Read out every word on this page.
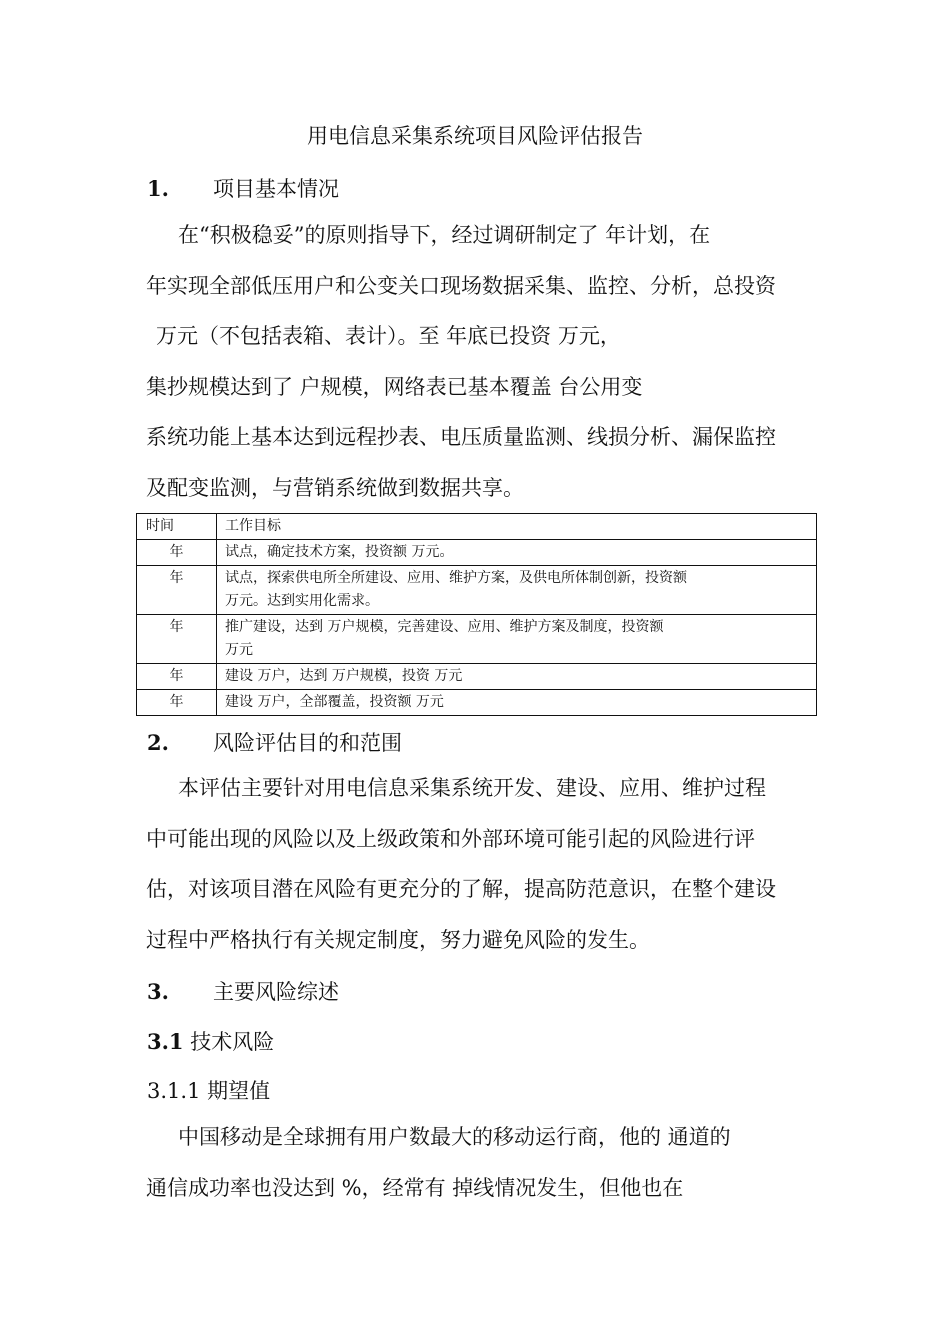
用电信息采集系统项目风险评估报告
1. 项目基本情况
在“积极稳妥”的原则指导下，经过调研制定了 年计划，在
年实现全部低压用户和公变关口现场数据采集、监控、分析，总投资
万元（不包括表箱、表计）。至 年底已投资 万元，
集抄规模达到了 户规模，网络表已基本覆盖 台公用变
系统功能上基本达到远程抄表、电压质量监测、线损分析、漏保监控
及配变监测，与营销系统做到数据共享。
时间	工作目标
年	试点，确定技术方案，投资额 万元。
年	试点，探索供电所全所建设、应用、维护方案，及供电所体制创新，投资额
万元。达到实用化需求。
年	推广建设，达到 万户规模，完善建设、应用、维护方案及制度，投资额
万元
年	建设 万户，达到 万户规模，投资 万元
年	建设 万户，全部覆盖，投资额 万元
2. 风险评估目的和范围
本评估主要针对用电信息采集系统开发、建设、应用、维护过程
中可能出现的风险以及上级政策和外部环境可能引起的风险进行评
估，对该项目潜在风险有更充分的了解，提高防范意识，在整个建设
过程中严格执行有关规定制度，努力避免风险的发生。
3. 主要风险综述
3.1 技术风险
3.1.1 期望值
中国移动是全球拥有用户数最大的移动运行商，他的 通道的
通信成功率也没达到 %，经常有 掉线情况发生，但他也在
